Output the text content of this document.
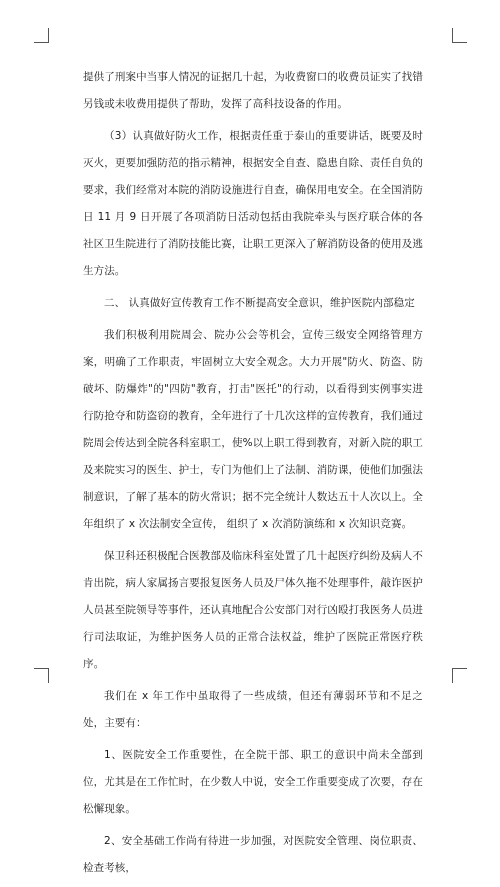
提供了刑案中当事人情况的证据几十起，为收费窗口的收费员证实了找错另钱或未收费用提供了帮助，发挥了高科技设备的作用。

（3）认真做好防火工作，根据责任重于泰山的重要讲话，既要及时灭火，更要加强防范的指示精神，根据安全自查、隐患自除、责任自负的要求，我们经常对本院的消防设施进行自查，确保用电安全。在全国消防日 11 月 9 日开展了各项消防日活动包括由我院牵头与医疗联合体的各社区卫生院进行了消防技能比赛，让职工更深入了解消防设备的使用及逃生方法。

二、 认真做好宣传教育工作不断提高安全意识，维护医院内部稳定

我们积极利用院周会、院办公会等机会，宣传三级安全网络管理方案，明确了工作职责，牢固树立大安全观念。大力开展"防火、防盗、防破坏、防爆炸"的"四防"教育，打击"医托"的行动，以看得到实例事实进行防抢夺和防盗窃的教育，全年进行了十几次这样的宣传教育，我们通过院周会传达到全院各科室职工，使%以上职工得到教育，对新入院的职工及来院实习的医生、护士，专门为他们上了法制、消防课，使他们加强法制意识，了解了基本的防火常识；据不完全统计人数达五十人次以上。全年组织了 x 次法制安全宣传， 组织了 x 次消防演练和 x 次知识竞赛。

保卫科还积极配合医教部及临床科室处置了几十起医疗纠纷及病人不肯出院，病人家属扬言要报复医务人员及尸体久拖不处理事件，敲诈医护人员甚至院领导等事件，还认真地配合公安部门对行凶殴打我医务人员进行司法取证，为维护医务人员的正常合法权益，维护了医院正常医疗秩序。

我们在 x 年工作中虽取得了一些成绩，但还有薄弱环节和不足之处，主要有：

1、医院安全工作重要性，在全院干部、职工的意识中尚未全部到位，尤其是在工作忙时，在少数人中说，安全工作重要变成了次要，存在松懈现象。

2、安全基础工作尚有待进一步加强，对医院安全管理、岗位职责、检查考核，
